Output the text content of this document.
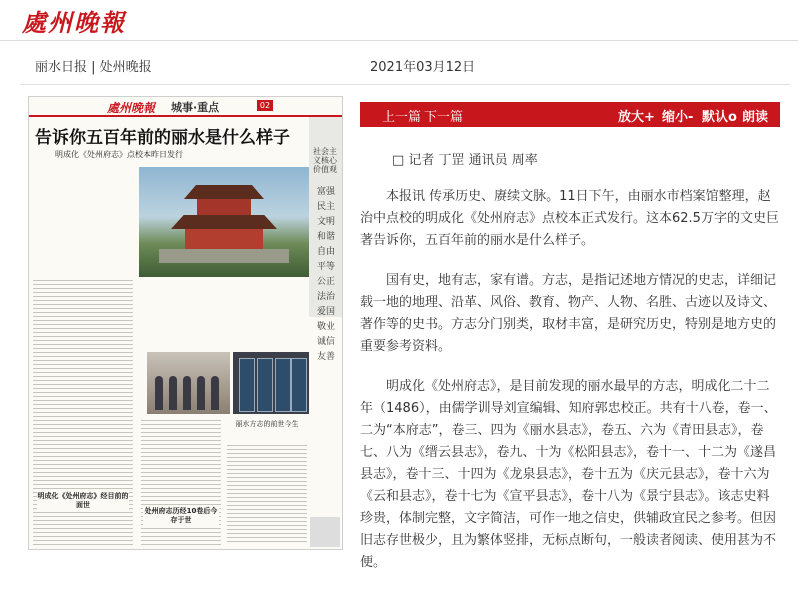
處州晚報
丽水日报 | 处州晚报	2021年03月12日
處州晚報 城事·重点	02
告诉你五百年前的丽水是什么样子
明成化《处州府志》点校本昨日发行	社会主义核心价值观
富强
民主
文明
和谐
自由
平等
公正
法治
爱国
敬业
诚信
友善
丽水方志的前世今生
明成化《处州府志》经目前的面世
处州府志历经10卷后今存于世
上一篇 下一篇	放大+ 缩小- 默认o 朗读

□ 记者 丁罡 通讯员 周率

本报讯 传承历史、赓续文脉。11日下午，由丽水市档案馆整理，赵治中点校的明成化《处州府志》点校本正式发行。这本62.5万字的文史巨著告诉你，五百年前的丽水是什么样子。

国有史，地有志，家有谱。方志，是指记述地方情况的史志，详细记载一地的地理、沿革、风俗、教育、物产、人物、名胜、古迹以及诗文、著作等的史书。方志分门别类，取材丰富，是研究历史，特别是地方史的重要参考资料。

明成化《处州府志》，是目前发现的丽水最早的方志，明成化二十二年（1486），由儒学训导刘宣编辑、知府郭忠校正。共有十八卷，卷一、二为“本府志”，卷三、四为《丽水县志》，卷五、六为《青田县志》，卷七、八为《缙云县志》，卷九、十为《松阳县志》，卷十一、十二为《遂昌县志》，卷十三、十四为《龙泉县志》，卷十五为《庆元县志》，卷十六为《云和县志》，卷十七为《宣平县志》，卷十八为《景宁县志》。该志史料珍贵，体制完整，文字简洁，可作一地之信史，供辅政宜民之参考。但因旧志存世极少，且为繁体竖排，无标点断句，一般读者阅读、使用甚为不便。
